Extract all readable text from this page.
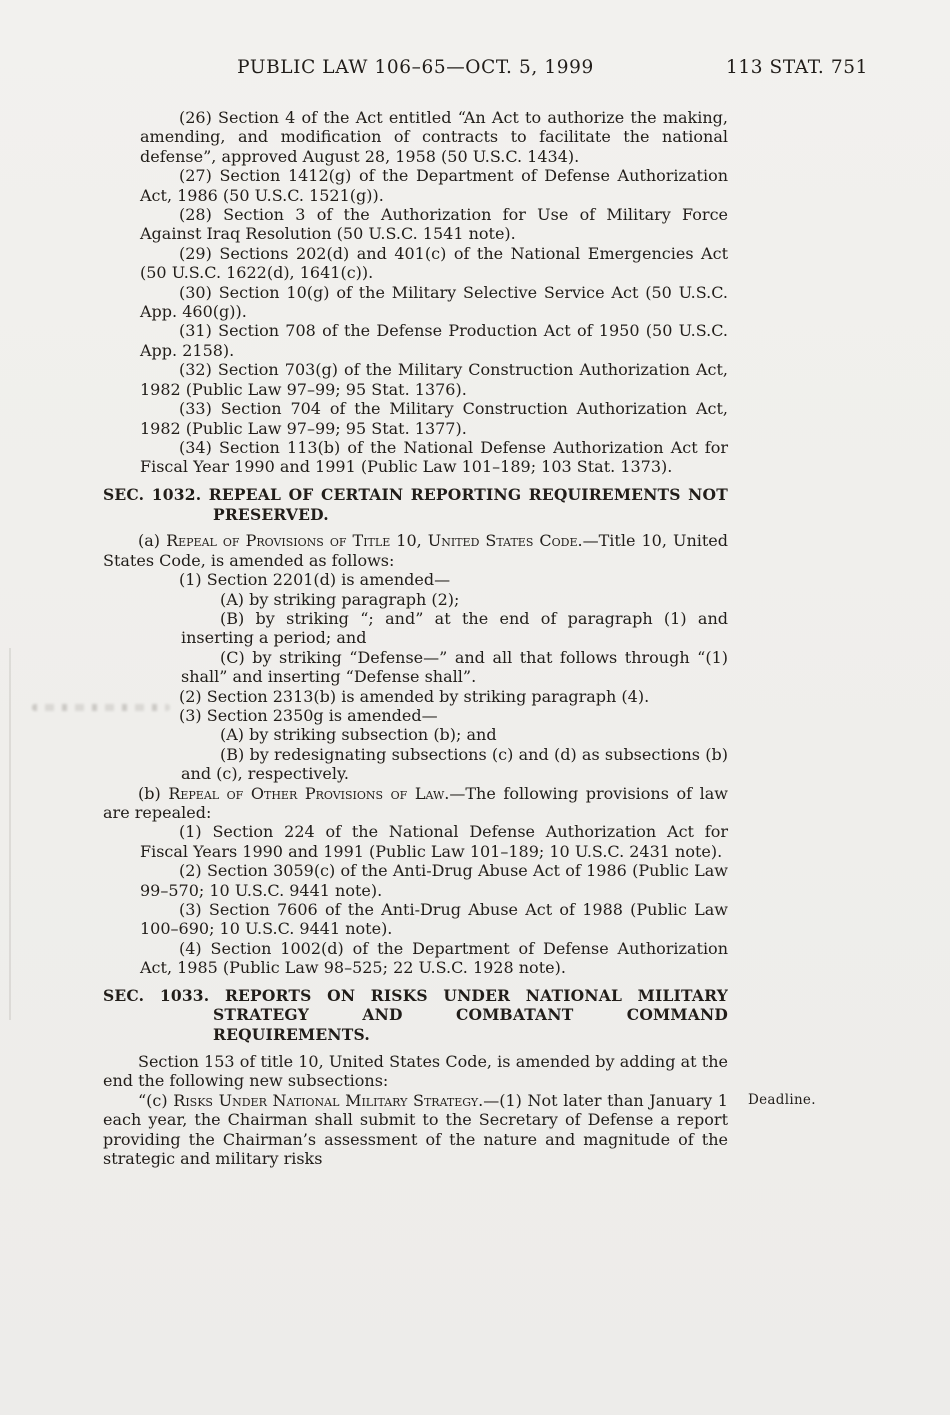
PUBLIC LAW 106–65—OCT. 5, 1999	113 STAT. 751

(26) Section 4 of the Act entitled “An Act to authorize the making, amending, and modification of contracts to facilitate the national defense”, approved August 28, 1958 (50 U.S.C. 1434).

(27) Section 1412(g) of the Department of Defense Authorization Act, 1986 (50 U.S.C. 1521(g)).

(28) Section 3 of the Authorization for Use of Military Force Against Iraq Resolution (50 U.S.C. 1541 note).

(29) Sections 202(d) and 401(c) of the National Emergencies Act (50 U.S.C. 1622(d), 1641(c)).

(30) Section 10(g) of the Military Selective Service Act (50 U.S.C. App. 460(g)).

(31) Section 708 of the Defense Production Act of 1950 (50 U.S.C. App. 2158).

(32) Section 703(g) of the Military Construction Authorization Act, 1982 (Public Law 97–99; 95 Stat. 1376).

(33) Section 704 of the Military Construction Authorization Act, 1982 (Public Law 97–99; 95 Stat. 1377).

(34) Section 113(b) of the National Defense Authorization Act for Fiscal Year 1990 and 1991 (Public Law 101–189; 103 Stat. 1373).

SEC. 1032. REPEAL OF CERTAIN REPORTING REQUIREMENTS NOT PRESERVED.

(a) Repeal of Provisions of Title 10, United States Code.—Title 10, United States Code, is amended as follows:

(1) Section 2201(d) is amended—

(A) by striking paragraph (2);

(B) by striking “; and” at the end of paragraph (1) and inserting a period; and

(C) by striking “Defense—” and all that follows through “(1) shall” and inserting “Defense shall”.

(2) Section 2313(b) is amended by striking paragraph (4).

(3) Section 2350g is amended—

(A) by striking subsection (b); and

(B) by redesignating subsections (c) and (d) as subsections (b) and (c), respectively.

(b) Repeal of Other Provisions of Law.—The following provisions of law are repealed:

(1) Section 224 of the National Defense Authorization Act for Fiscal Years 1990 and 1991 (Public Law 101–189; 10 U.S.C. 2431 note).

(2) Section 3059(c) of the Anti-Drug Abuse Act of 1986 (Public Law 99–570; 10 U.S.C. 9441 note).

(3) Section 7606 of the Anti-Drug Abuse Act of 1988 (Public Law 100–690; 10 U.S.C. 9441 note).

(4) Section 1002(d) of the Department of Defense Authorization Act, 1985 (Public Law 98–525; 22 U.S.C. 1928 note).

SEC. 1033. REPORTS ON RISKS UNDER NATIONAL MILITARY STRATEGY AND COMBATANT COMMAND REQUIREMENTS.

Section 153 of title 10, United States Code, is amended by adding at the end the following new subsections:

“(c) Risks Under National Military Strategy.—(1) Not later than January 1 each year, the Chairman shall submit to the Secretary of Defense a report providing the Chairman’s assessment of the nature and magnitude of the strategic and military risks
Deadline.
